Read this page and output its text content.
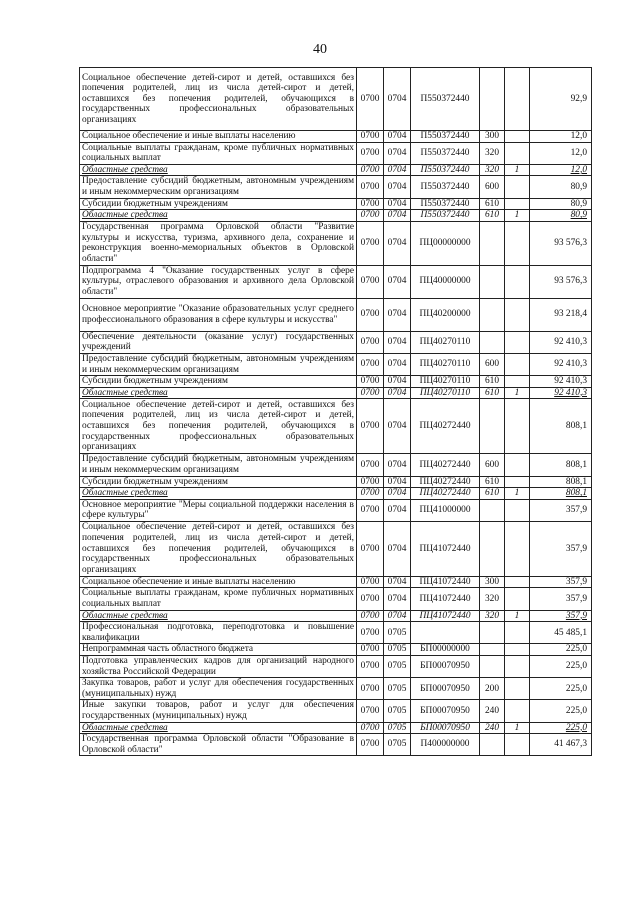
40
Социальное обеспечение детей-сирот и детей, оставшихся без попечения родителей, лиц из числа детей-сирот и детей, оставшихся без попечения родителей, обучающихся в государственных профессиональных образовательных организациях	0700	0704	П550372440			92,9
Социальное обеспечение и иные выплаты населению	0700	0704	П550372440	300		12,0
Социальные выплаты гражданам, кроме публичных нормативных социальных выплат	0700	0704	П550372440	320		12,0
Областные средства	0700	0704	П550372440	320	1	12,0
Предоставление субсидий бюджетным, автономным учреждениям и иным некоммерческим организациям	0700	0704	П550372440	600		80,9
Субсидии бюджетным учреждениям	0700	0704	П550372440	610		80,9
Областные средства	0700	0704	П550372440	610	1	80,9
Государственная программа Орловской области "Развитие культуры и искусства, туризма, архивного дела, сохранение и реконструкция военно-мемориальных объектов в Орловской области"	0700	0704	ПЦ00000000			93 576,3
Подпрограмма 4 "Оказание государственных услуг в сфере культуры, отраслевого образования и архивного дела Орловской области"	0700	0704	ПЦ40000000			93 576,3
Основное мероприятие "Оказание образовательных услуг среднего профессионального образования в сфере культуры и искусства"	0700	0704	ПЦ40200000			93 218,4
Обеспечение деятельности (оказание услуг) государственных учреждений	0700	0704	ПЦ40270110			92 410,3
Предоставление субсидий бюджетным, автономным учреждениям и иным некоммерческим организациям	0700	0704	ПЦ40270110	600		92 410,3
Субсидии бюджетным учреждениям	0700	0704	ПЦ40270110	610		92 410,3
Областные средства	0700	0704	ПЦ40270110	610	1	92 410,3
Социальное обеспечение детей-сирот и детей, оставшихся без попечения родителей, лиц из числа детей-сирот и детей, оставшихся без попечения родителей, обучающихся в государственных профессиональных образовательных организациях	0700	0704	ПЦ40272440			808,1
Предоставление субсидий бюджетным, автономным учреждениям и иным некоммерческим организациям	0700	0704	ПЦ40272440	600		808,1
Субсидии бюджетным учреждениям	0700	0704	ПЦ40272440	610		808,1
Областные средства	0700	0704	ПЦ40272440	610	1	808,1
Основное мероприятие "Меры социальной поддержки населения в сфере культуры"	0700	0704	ПЦ41000000			357,9
Социальное обеспечение детей-сирот и детей, оставшихся без попечения родителей, лиц из числа детей-сирот и детей, оставшихся без попечения родителей, обучающихся в государственных профессиональных образовательных организациях	0700	0704	ПЦ41072440			357,9
Социальное обеспечение и иные выплаты населению	0700	0704	ПЦ41072440	300		357,9
Социальные выплаты гражданам, кроме публичных нормативных социальных выплат	0700	0704	ПЦ41072440	320		357,9
Областные средства	0700	0704	ПЦ41072440	320	1	357,9
Профессиональная подготовка, переподготовка и повышение квалификации	0700	0705				45 485,1
Непрограммная часть областного бюджета	0700	0705	БП00000000			225,0
Подготовка управленческих кадров для организаций народного хозяйства Российской Федерации	0700	0705	БП00070950			225,0
Закупка товаров, работ и услуг для обеспечения государственных (муниципальных) нужд	0700	0705	БП00070950	200		225,0
Иные закупки товаров, работ и услуг для обеспечения государственных (муниципальных) нужд	0700	0705	БП00070950	240		225,0
Областные средства	0700	0705	БП00070950	240	1	225,0
Государственная программа Орловской области "Образование в Орловской области"	0700	0705	П400000000			41 467,3
